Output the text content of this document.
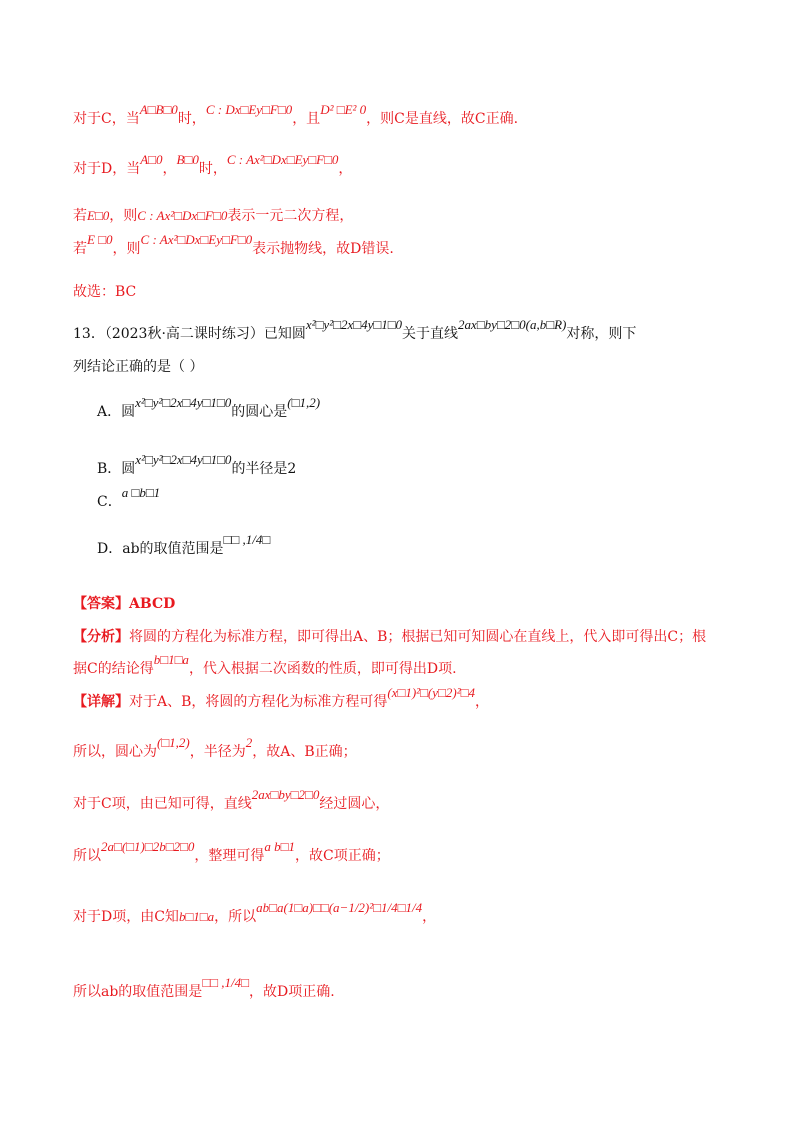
对于C，当A□B□0时，C : Dx□Ey□F□0，且D² □E² 0，则C是直线，故C正确.
对于D，当A□0，B□0时，C : Ax²□Dx□Ey□F□0，
若E□0，则C : Ax²□Dx□F□0表示一元二次方程，
若E □0，则C : Ax²□Dx□Ey□F□0表示抛物线，故D错误.
故选：BC
13．（2023秋·高二课时练习）已知圆x²□y²□2x□4y□1□0关于直线2ax□by□2□0(a,b□R)对称，则下
列结论正确的是（ ）
A．圆x²□y²□2x□4y□1□0的圆心是(□1,2)
B．圆x²□y²□2x□4y□1□0的半径是2
C．a □b□1
D．ab的取值范围是□□ ,1/4□
【答案】ABCD
【分析】将圆的方程化为标准方程，即可得出A、B；根据已知可知圆心在直线上，代入即可得出C；根
据C的结论得b□1□a，代入根据二次函数的性质，即可得出D项.
【详解】对于A、B，将圆的方程化为标准方程可得(x□1)²□(y□2)²□4，
所以，圆心为(□1,2)，半径为2，故A、B正确；
对于C项，由已知可得，直线2ax□by□2□0经过圆心，
所以2a□(□1)□2b□2□0，整理可得a b□1，故C项正确；
对于D项，由C知b□1□a，所以ab□a(1□a)□□(a−1/2)²□1/4□1/4，
所以ab的取值范围是□□ ,1/4□，故D项正确.
